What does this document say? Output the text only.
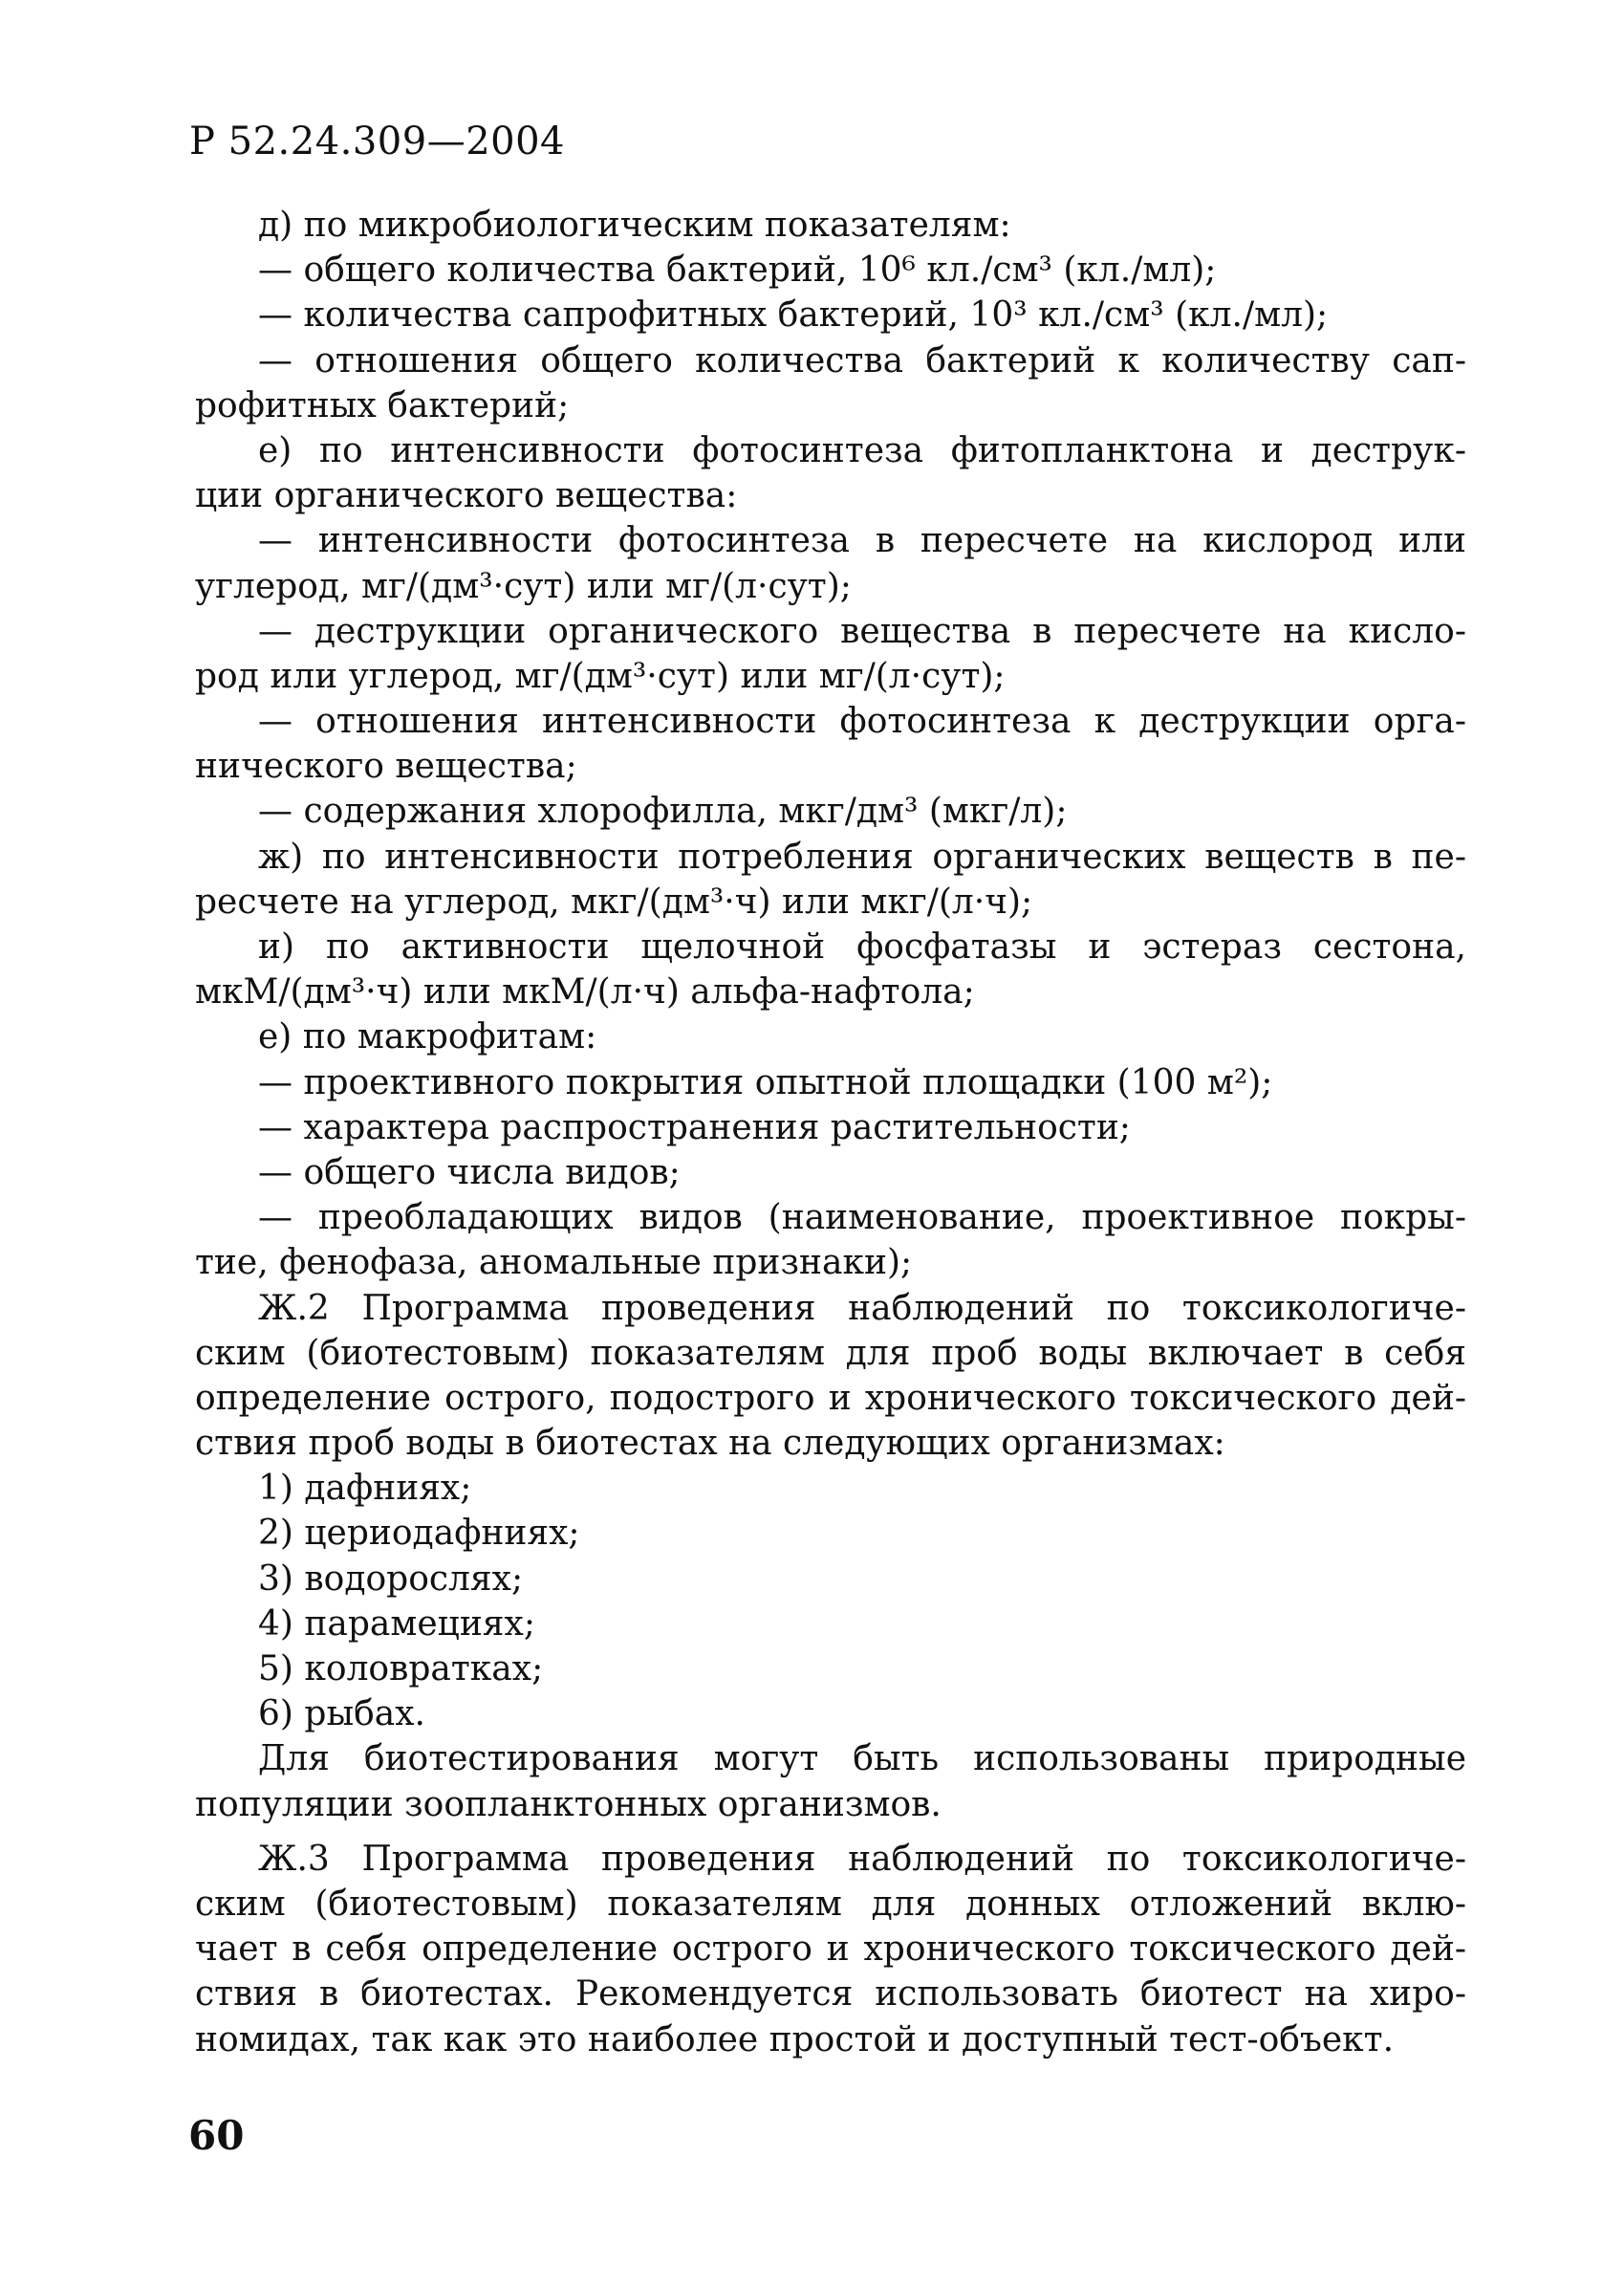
Р 52.24.309—2004
д) по микробиологическим показателям:
— общего количества бактерий, 10⁶ кл./см³ (кл./мл);
— количества сапрофитных бактерий, 10³ кл./см³ (кл./мл);
— отношения общего количества бактерий к количеству сап-
рофитных бактерий;
е) по интенсивности фотосинтеза фитопланктона и деструк-
ции органического вещества:
— интенсивности фотосинтеза в пересчете на кислород или
углерод, мг/(дм³·сут) или мг/(л·сут);
— деструкции органического вещества в пересчете на кисло-
род или углерод, мг/(дм³·сут) или мг/(л·сут);
— отношения интенсивности фотосинтеза к деструкции орга-
нического вещества;
— содержания хлорофилла, мкг/дм³ (мкг/л);
ж) по интенсивности потребления органических веществ в пе-
ресчете на углерод, мкг/(дм³·ч) или мкг/(л·ч);
и) по активности щелочной фосфатазы и эстераз сестона,
мкМ/(дм³·ч) или мкМ/(л·ч) альфа-нафтола;
е) по макрофитам:
— проективного покрытия опытной площадки (100 м²);
— характера распространения растительности;
— общего числа видов;
— преобладающих видов (наименование, проективное покры-
тие, фенофаза, аномальные признаки);
Ж.2 Программа проведения наблюдений по токсикологиче-
ским (биотестовым) показателям для проб воды включает в себя
определение острого, подострого и хронического токсического дей-
ствия проб воды в биотестах на следующих организмах:
1) дафниях;
2) цериодафниях;
3) водорослях;
4) парамециях;
5) коловратках;
6) рыбах.
Для биотестирования могут быть использованы природные
популяции зоопланктонных организмов.
Ж.3 Программа проведения наблюдений по токсикологиче-
ским (биотестовым) показателям для донных отложений вклю-
чает в себя определение острого и хронического токсического дей-
ствия в биотестах. Рекомендуется использовать биотест на хиро-
номидах, так как это наиболее простой и доступный тест-объект.
60
